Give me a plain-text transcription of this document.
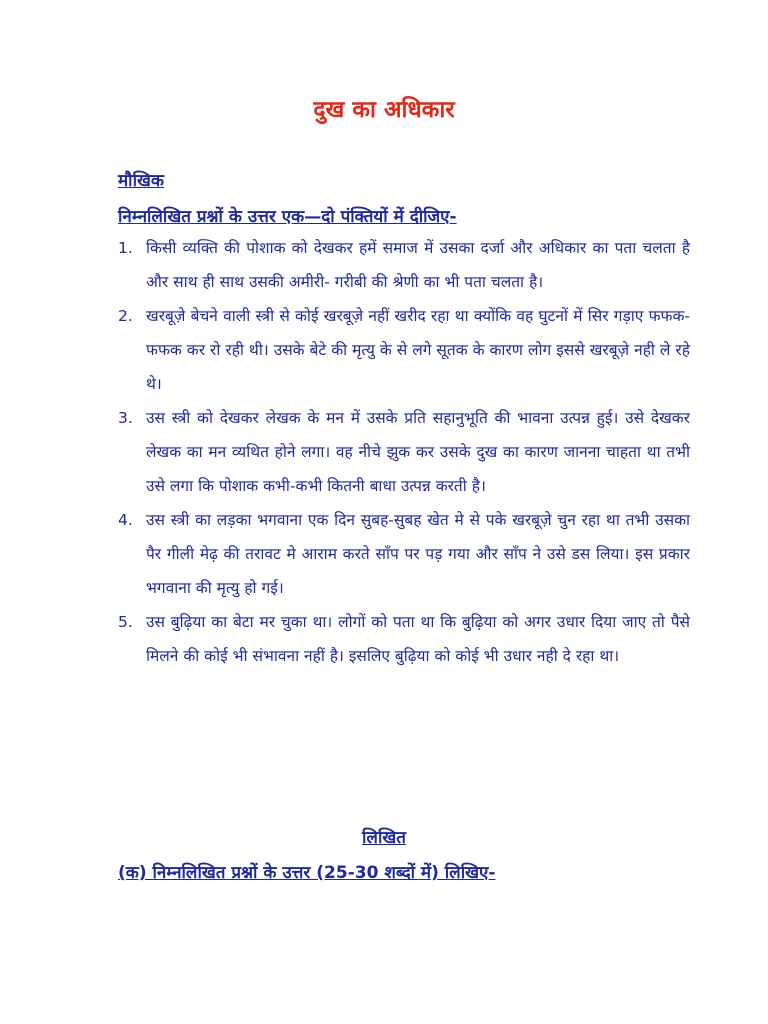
दुख का अधिकार
मौखिक
निम्नलिखित प्रश्नों के उत्तर एक—दो पंक्तियों में दीजिए-
1. किसी व्यक्ति की पोशाक को देखकर हमें समाज में उसका दर्जा और अधिकार का पता चलता है और साथ ही साथ उसकी अमीरी- गरीबी की श्रेणी का भी पता चलता है।
2. खरबूज़े बेचने वाली स्त्री से कोई खरबूज़े नहीं खरीद रहा था क्योंकि वह घुटनों में सिर गड़ाए फफक-फफक कर रो रही थी। उसके बेटे की मृत्यु के से लगे सूतक के कारण लोग इससे खरबूज़े नही ले रहे थे।
3. उस स्त्री को देखकर लेखक के मन में उसके प्रति सहानुभूति की भावना उत्पन्न हुई। उसे देखकर लेखक का मन व्यथित होने लगा। वह नीचे झुक कर उसके दुख का कारण जानना चाहता था तभी उसे लगा कि पोशाक कभी-कभी कितनी बाधा उत्पन्न करती है।
4. उस स्त्री का लड़का भगवाना एक दिन सुबह-सुबह खेत मे से पके खरबूज़े चुन रहा था तभी उसका पैर गीली मेढ़ की तरावट मे आराम करते साँप पर पड़ गया और साँप ने उसे डस लिया। इस प्रकार भगवाना की मृत्यु हो गई।
5. उस बुढ़िया का बेटा मर चुका था। लोगों को पता था कि बुढ़िया को अगर उधार दिया जाए तो पैसे मिलने की कोई भी संभावना नहीं है। इसलिए बुढ़िया को कोई भी उधार नही दे रहा था।
लिखित
(क) निम्नलिखित प्रश्नों के उत्तर (25-30 शब्दों में) लिखिए-
